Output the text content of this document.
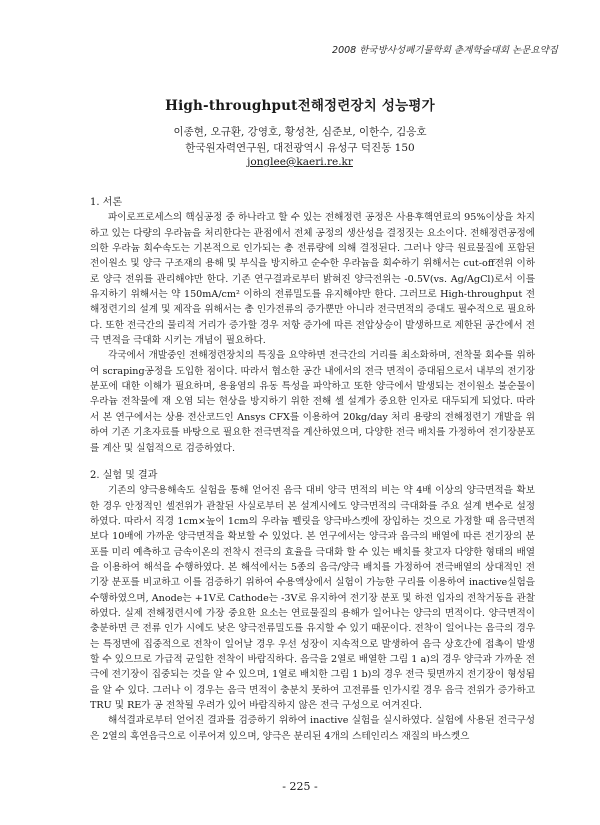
2008 한국방사성폐기물학회 춘계학술대회 논문요약집
High-throughput전해정련장치 성능평가
이종현, 오규환, 강영호, 황성찬, 심준보, 이한수, 김응호
한국원자력연구원, 대전광역시 유성구 덕진동 150
jonglee@kaeri.re.kr

1. 서론

파이로프로세스의 핵심공정 중 하나라고 할 수 있는 전해정련 공정은 사용후핵연료의 95%이상을 차지하고 있는 다량의 우라늄을 처리한다는 관점에서 전체 공정의 생산성을 결정짓는 요소이다. 전해정련공정에 의한 우라늄 회수속도는 기본적으로 인가되는 총 전류량에 의해 결정된다. 그러나 양극 원료물질에 포함된 전이원소 및 양극 구조재의 용해 및 부식을 방지하고 순수한 우라늄을 회수하기 위해서는 cut-off전위 이하로 양극 전위를 관리해야만 한다. 기존 연구결과로부터 밝혀진 양극전위는 -0.5V(vs. Ag/AgCl)로서 이를 유지하기 위해서는 약 150mA/cm² 이하의 전류밀도를 유지해야만 한다. 그러므로 High-throughput 전해정련기의 설계 및 제작을 위해서는 총 인가전류의 증가뿐만 아니라 전극면적의 증대도 필수적으로 필요하다. 또한 전극간의 물리적 거리가 증가할 경우 저항 증가에 따른 전압상승이 발생하므로 제한된 공간에서 전극 면적을 극대화 시키는 개념이 필요하다.

각국에서 개발중인 전해정련장치의 특징을 요약하면 전극간의 거리를 최소화하며, 전착물 회수를 위하여 scraping공정을 도입한 점이다. 따라서 협소한 공간 내에서의 전극 면적이 증대됨으로서 내부의 전기장 분포에 대한 이해가 필요하며, 용융염의 유동 특성을 파악하고 또한 양극에서 발생되는 전이원소 불순물이 우라늄 전착물에 재 오염 되는 현상을 방지하기 위한 전해 셀 설계가 중요한 인자로 대두되게 되었다. 따라서 본 연구에서는 상용 전산코드인 Ansys CFX를 이용하여 20kg/day 처리 용량의 전해정련기 개발을 위하여 기존 기초자료를 바탕으로 필요한 전극면적을 계산하였으며, 다양한 전극 배치를 가정하여 전기장분포를 계산 및 실험적으로 검증하였다.

2. 실험 및 결과

기존의 양극용해속도 실험을 통해 얻어진 음극 대비 양극 면적의 비는 약 4배 이상의 양극면적을 확보한 경우 안정적인 셀전위가 관찰된 사실로부터 본 설계시에도 양극면적의 극대화를 주요 설계 변수로 설정하였다. 따라서 직경 1cm×높이 1cm의 우라늄 펠릿을 양극바스켓에 장입하는 것으로 가정할 때 음극면적보다 10배에 가까운 양극면적을 확보할 수 있었다. 본 연구에서는 양극과 음극의 배열에 따른 전기장의 분포를 미리 예측하고 금속이온의 전착시 전극의 효율을 극대화 할 수 있는 배치를 찾고자 다양한 형태의 배열을 이용하여 해석을 수행하였다. 본 해석에서는 5종의 음극/양극 배치를 가정하여 전극배열의 상대적인 전기장 분포를 비교하고 이를 검증하기 위하여 수용액상에서 실험이 가능한 구리를 이용하여 inactive실험을 수행하였으며, Anode는 +1V로 Cathode는 -3V로 유지하여 전기장 분포 및 하전 입자의 전착거동을 관찰하였다. 실제 전해정련시에 가장 중요한 요소는 연료물질의 용해가 일어나는 양극의 면적이다. 양극면적이 충분하면 큰 전류 인가 시에도 낮은 양극전류밀도를 유지할 수 있기 때문이다. 전착이 일어나는 음극의 경우는 특정면에 집중적으로 전착이 일어날 경우 우선 성장이 지속적으로 발생하여 음극 상호간에 접촉이 발생할 수 있으므로 가급적 균일한 전착이 바람직하다. 음극을 2열로 배열한 그림 1 a)의 경우 양극과 가까운 전극에 전기장이 집중되는 것을 알 수 있으며, 1열로 배치한 그림 1 b)의 경우 전극 뒷면까지 전기장이 형성됨을 알 수 있다. 그러나 이 경우는 음극 면적이 충분치 못하여 고전류를 인가시킬 경우 음극 전위가 증가하고 TRU 및 RE가 공 전착될 우려가 있어 바람직하지 않은 전극 구성으로 여겨진다.

해석결과로부터 얻어진 결과를 검증하기 위하여 inactive 실험을 실시하였다. 실험에 사용된 전극구성은 2열의 흑연음극으로 이루어져 있으며, 양극은 분리된 4개의 스테인리스 재질의 바스켓으

- 225 -
